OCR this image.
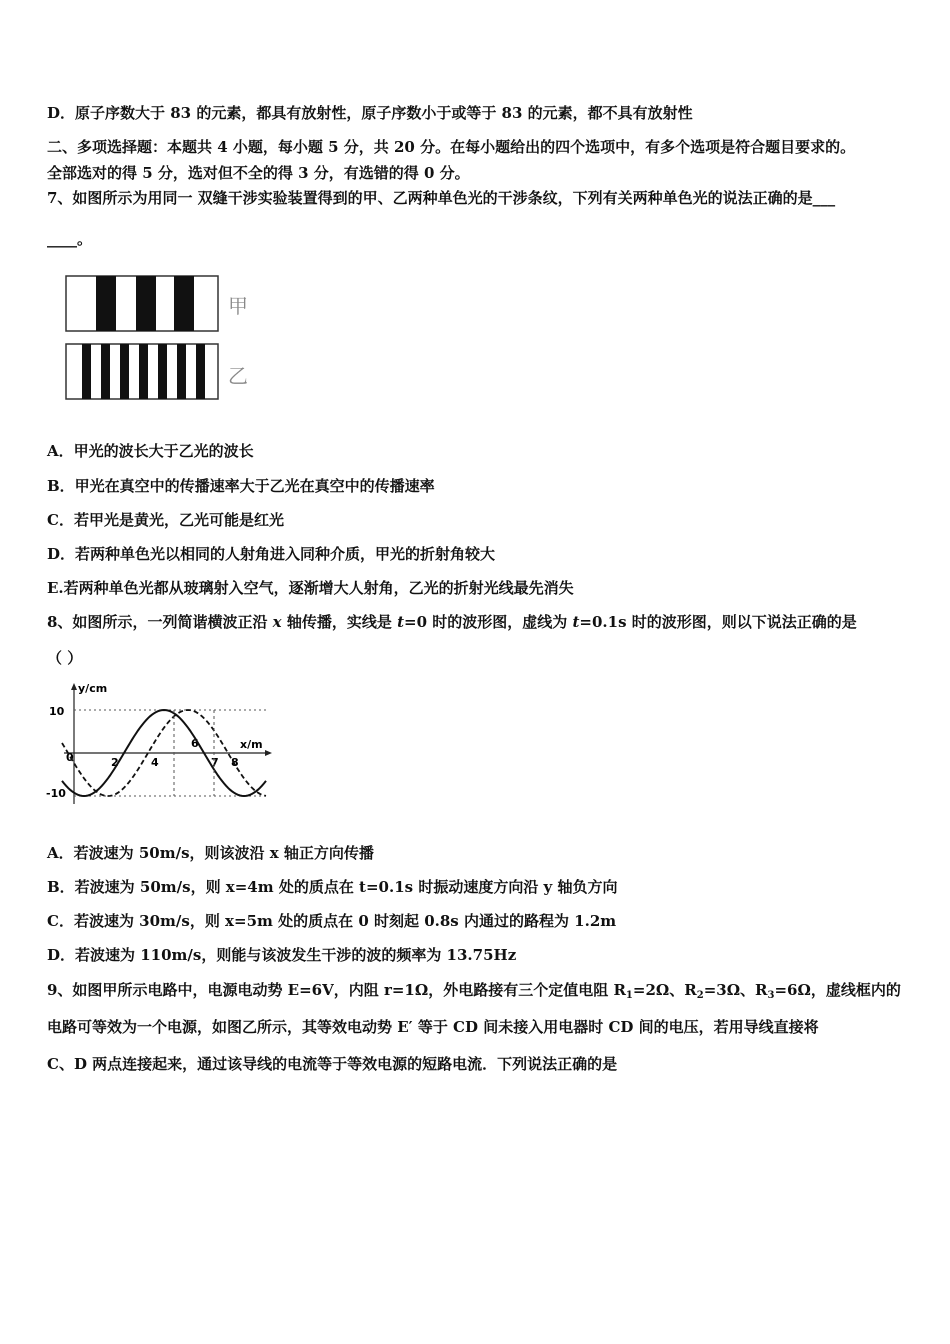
D．原子序数大于 83 的元素，都具有放射性，原子序数小于或等于 83 的元素，都不具有放射性
二、多项选择题：本题共 4 小题，每小题 5 分，共 20 分。在每小题给出的四个选项中，有多个选项是符合题目要求的。
全部选对的得 5 分，选对但不全的得 3 分，有选错的得 0 分。
7、如图所示为用同一 双缝干涉实验装置得到的甲、乙两种单色光的干涉条纹，下列有关两种单色光的说法正确的是___
____。
甲
乙
A．甲光的波长大于乙光的波长
B．甲光在真空中的传播速率大于乙光在真空中的传播速率
C．若甲光是黄光，乙光可能是红光
D．若两种单色光以相同的人射角进入同种介质，甲光的折射角较大
E.若两种单色光都从玻璃射入空气，逐渐增大人射角，乙光的折射光线最先消失
8、如图所示，一列简谐横波正沿 x 轴传播，实线是 t=0 时的波形图，虚线为 t=0.1s 时的波形图，则以下说法正确的是
（ ）
y/cm
x/m
10
-10
0	2	4
6
7 8
A．若波速为 50m/s，则该波沿 x 轴正方向传播
B．若波速为 50m/s，则 x=4m 处的质点在 t=0.1s 时振动速度方向沿 y 轴负方向
C．若波速为 30m/s，则 x=5m 处的质点在 0 时刻起 0.8s 内通过的路程为 1.2m
D．若波速为 110m/s，则能与该波发生干涉的波的频率为 13.75Hz
9、如图甲所示电路中，电源电动势 E=6V，内阻 r=1Ω，外电路接有三个定值电阻 $R_1=2\Omega$、$R_2=3\Omega$、$R_3=6\Omega$，虚线框内的
电路可等效为一个电源，如图乙所示，其等效电动势 E′ 等于 CD 间未接入用电器时 CD 间的电压，若用导线直接将
C、D 两点连接起来，通过该导线的电流等于等效电源的短路电流．下列说法正确的是
